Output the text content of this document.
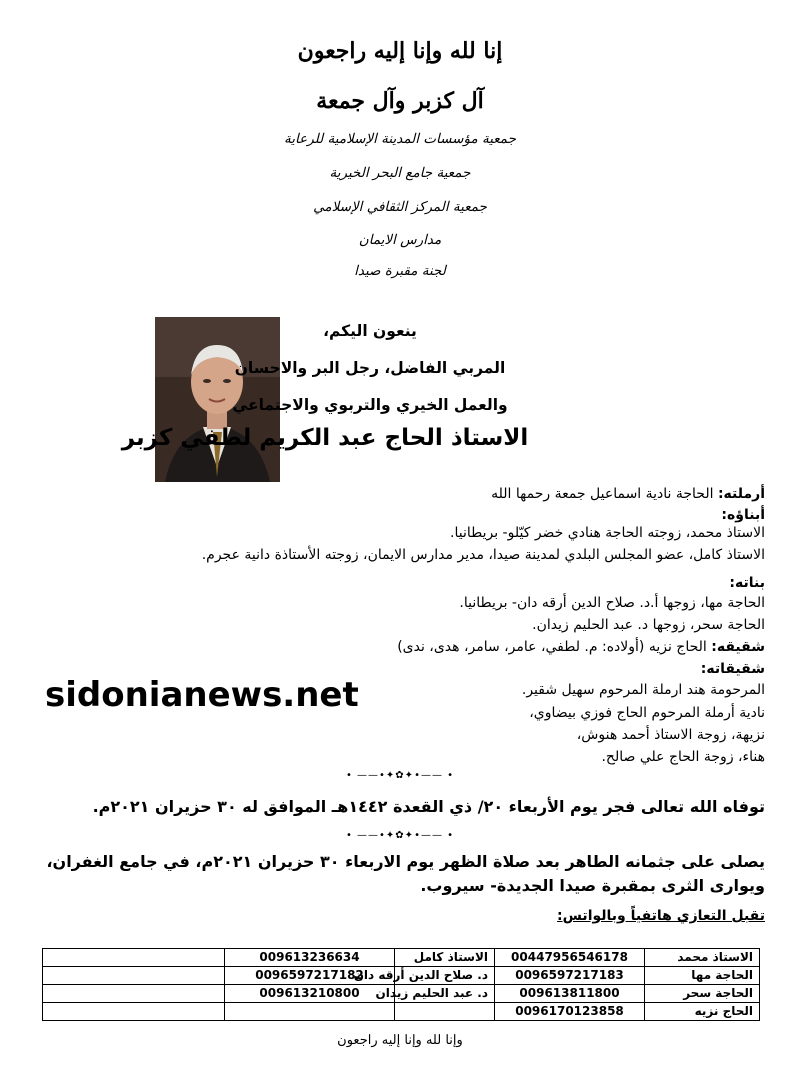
إنا لله وإنا إليه راجعون
آل كزبر وآل جمعة
جمعية مؤسسات المدينة الإسلامية للرعاية
جمعية جامع البحر الخيرية
جمعية المركز الثقافي الإسلامي
مدارس الايمان
لجنة مقبرة صيدا
ينعون اليكم،
المربي الفاضل، رجل البر والاحسان
والعمل الخيري والتربوي والاجتماعي
الاستاذ الحاج عبد الكريم لطفي كزبر
أرملته: الحاجة نادية اسماعيل جمعة رحمها الله
أبناؤه:
الاستاذ محمد، زوجته الحاجة هنادي خضر كيّلو- بريطانيا.
الاستاذ كامل، عضو المجلس البلدي لمدينة صيدا، مدير مدارس الايمان، زوجته الأستاذة دانية عجرم.
بناته:
الحاجة مها، زوجها أ.د. صلاح الدين أرقه دان- بريطانيا.
الحاجة سحر، زوجها د. عبد الحليم زيدان.
شقيقه: الحاج نزيه (أولاده: م. لطفي، عامر، سامر، هدى، ندى)
شقيقاته:
المرحومة هند ارملة المرحوم سهيل شقير.
نادية أرملة المرحوم الحاج فوزي بيضاوي،
نزيهة، زوجة الاستاذ أحمد هنوش،
هناء، زوجة الحاج علي صالح.
sidonianews.net
• ——•✦✿✦•—— •
توفاه الله تعالى فجر يوم الأربعاء ٢٠/ ذي القعدة ١٤٤٢هـ الموافق له ٣٠ حزيران ٢٠٢١م.
• ——•✦✿✦•—— •
يصلى على جثمانه الطاهر بعد صلاة الظهر يوم الاربعاء ٣٠ حزيران ٢٠٢١م، في جامع الغفران، ويوارى الثرى بمقبرة صيدا الجديدة- سيروب.
تقبل التعازي هاتفياً وبالواتس:
الاستاذ محمد	00447956546178	الاستاذ كامل	009613236634	
الحاجة مها	0096597217183	د. صلاح الدين أرقه دان	0096597217182	
الحاجة سحر	009613811800	د. عبد الحليم زيدان	009613210800	
الحاج نزيه	0096170123858			
وإنا لله وإنا إليه راجعون
